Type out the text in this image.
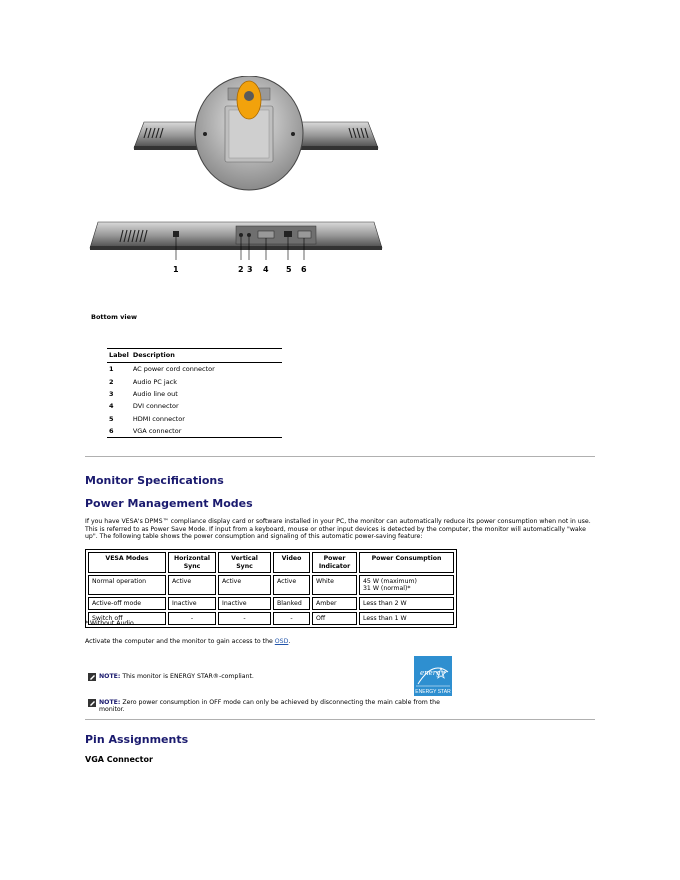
1	2 3 4 5 6
Bottom view
Label	Description
1	AC power cord connector
2	Audio PC jack
3	Audio line out
4	DVI connector
5	HDMI connector
6	VGA connector
Monitor Specifications
Power Management Modes
If you have VESA's DPMS™ compliance display card or software installed in your PC, the monitor can automatically reduce its power consumption when not in use. This is referred to as Power Save Mode. If input from a keyboard, mouse or other input devices is detected by the computer, the monitor will automatically "wake up". The following table shows the power consumption and signaling of this automatic power-saving feature:
VESA Modes	Horizontal Sync	Vertical Sync	Video	Power Indicator	Power Consumption
Normal operation	Active	Active	Active	White	45 W (maximum)
31 W (normal)*

Active-off mode	Inactive	Inactive	Blanked	Amber	Less than 2 W
Switch off	-	-	-	Off	Less than 1 W
* Without Audio
Activate the computer and the monitor to gain access to the OSD.
NOTE: This monitor is ENERGY STAR®-compliant.	energy
ENERGY STAR
NOTE: Zero power consumption in OFF mode can only be achieved by disconnecting the main cable from the monitor.
Pin Assignments
VGA Connector
